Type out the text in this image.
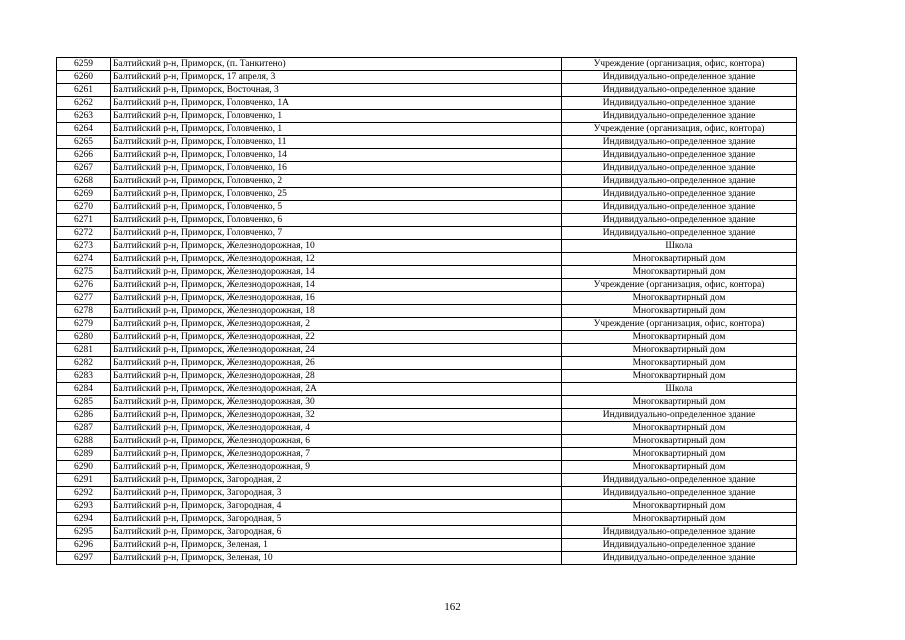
6259	Балтийский р-н, Приморск, (п. Танкитено)	Учреждение (организация, офис, контора)
6260	Балтийский р-н, Приморск, 17 апреля, 3	Индивидуально-определенное здание
6261	Балтийский р-н, Приморск, Восточная, 3	Индивидуально-определенное здание
6262	Балтийский р-н, Приморск, Головченко, 1А	Индивидуально-определенное здание
6263	Балтийский р-н, Приморск, Головченко, 1	Индивидуально-определенное здание
6264	Балтийский р-н, Приморск, Головченко, 1	Учреждение (организация, офис, контора)
6265	Балтийский р-н, Приморск, Головченко, 11	Индивидуально-определенное здание
6266	Балтийский р-н, Приморск, Головченко, 14	Индивидуально-определенное здание
6267	Балтийский р-н, Приморск, Головченко, 16	Индивидуально-определенное здание
6268	Балтийский р-н, Приморск, Головченко, 2	Индивидуально-определенное здание
6269	Балтийский р-н, Приморск, Головченко, 25	Индивидуально-определенное здание
6270	Балтийский р-н, Приморск, Головченко, 5	Индивидуально-определенное здание
6271	Балтийский р-н, Приморск, Головченко, 6	Индивидуально-определенное здание
6272	Балтийский р-н, Приморск, Головченко, 7	Индивидуально-определенное здание
6273	Балтийский р-н, Приморск, Железнодорожная, 10	Школа
6274	Балтийский р-н, Приморск, Железнодорожная, 12	Многоквартирный дом
6275	Балтийский р-н, Приморск, Железнодорожная, 14	Многоквартирный дом
6276	Балтийский р-н, Приморск, Железнодорожная, 14	Учреждение (организация, офис, контора)
6277	Балтийский р-н, Приморск, Железнодорожная, 16	Многоквартирный дом
6278	Балтийский р-н, Приморск, Железнодорожная, 18	Многоквартирный дом
6279	Балтийский р-н, Приморск, Железнодорожная, 2	Учреждение (организация, офис, контора)
6280	Балтийский р-н, Приморск, Железнодорожная, 22	Многоквартирный дом
6281	Балтийский р-н, Приморск, Железнодорожная, 24	Многоквартирный дом
6282	Балтийский р-н, Приморск, Железнодорожная, 26	Многоквартирный дом
6283	Балтийский р-н, Приморск, Железнодорожная, 28	Многоквартирный дом
6284	Балтийский р-н, Приморск, Железнодорожная, 2А	Школа
6285	Балтийский р-н, Приморск, Железнодорожная, 30	Многоквартирный дом
6286	Балтийский р-н, Приморск, Железнодорожная, 32	Индивидуально-определенное здание
6287	Балтийский р-н, Приморск, Железнодорожная, 4	Многоквартирный дом
6288	Балтийский р-н, Приморск, Железнодорожная, 6	Многоквартирный дом
6289	Балтийский р-н, Приморск, Железнодорожная, 7	Многоквартирный дом
6290	Балтийский р-н, Приморск, Железнодорожная, 9	Многоквартирный дом
6291	Балтийский р-н, Приморск, Загородная, 2	Индивидуально-определенное здание
6292	Балтийский р-н, Приморск, Загородная, 3	Индивидуально-определенное здание
6293	Балтийский р-н, Приморск, Загородная, 4	Многоквартирный дом
6294	Балтийский р-н, Приморск, Загородная, 5	Многоквартирный дом
6295	Балтийский р-н, Приморск, Загородная, 6	Индивидуально-определенное здание
6296	Балтийский р-н, Приморск, Зеленая, 1	Индивидуально-определенное здание
6297	Балтийский р-н, Приморск, Зеленая, 10	Индивидуально-определенное здание
162
